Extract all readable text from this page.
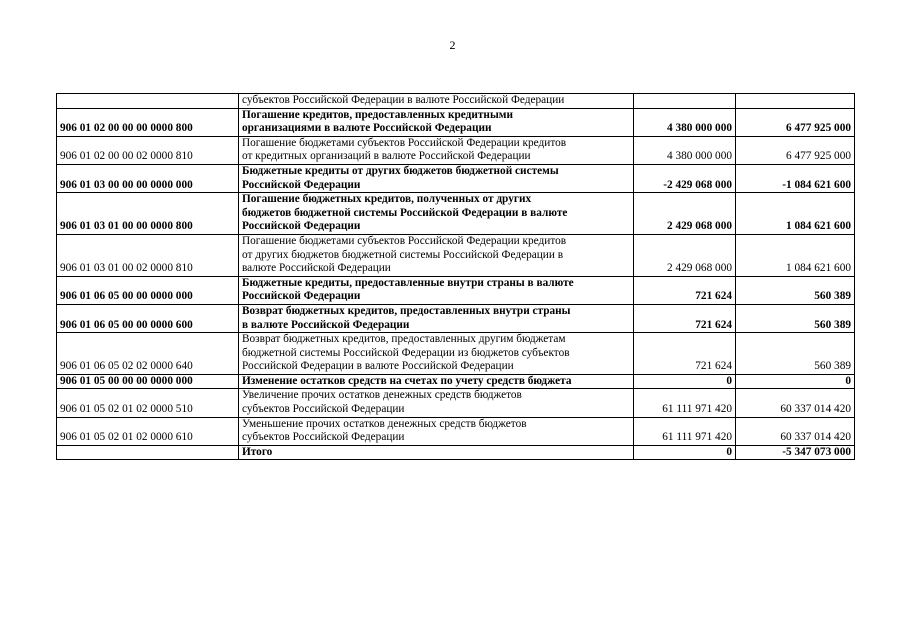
2

	субъектов Российской Федерации в валюте Российской Федерации		

906 01 02 00 00 00 0000 800	Погашение кредитов, предоставленных кредитными
организациями в валюте Российской Федерации	4 380 000 000	6 477 925 000
906 01 02 00 00 02 0000 810	Погашение бюджетами субъектов Российской Федерации кредитов
от кредитных организаций в валюте Российской Федерации	4 380 000 000	6 477 925 000
906 01 03 00 00 00 0000 000	Бюджетные кредиты от других бюджетов бюджетной системы
Российской Федерации	-2 429 068 000	-1 084 621 600
906 01 03 01 00 00 0000 800	Погашение бюджетных кредитов, полученных от других
бюджетов бюджетной системы Российской Федерации в валюте
Российской Федерации	2 429 068 000	1 084 621 600
906 01 03 01 00 02 0000 810	Погашение бюджетами субъектов Российской Федерации кредитов
от других бюджетов бюджетной системы Российской Федерации в
валюте Российской Федерации	2 429 068 000	1 084 621 600
906 01 06 05 00 00 0000 000	Бюджетные кредиты, предоставленные внутри страны в валюте
Российской Федерации	721 624	560 389
906 01 06 05 00 00 0000 600	Возврат бюджетных кредитов, предоставленных внутри страны
в валюте Российской Федерации	721 624	560 389
906 01 06 05 02 02 0000 640	Возврат бюджетных кредитов, предоставленных другим бюджетам
бюджетной системы Российской Федерации из бюджетов субъектов
Российской Федерации в валюте Российской Федерации	721 624	560 389
906 01 05 00 00 00 0000 000	Изменение остатков средств на счетах по учету средств бюджета	0	0
906 01 05 02 01 02 0000 510	Увеличение прочих остатков денежных средств бюджетов
субъектов Российской Федерации	61 111 971 420	60 337 014 420
906 01 05 02 01 02 0000 610	Уменьшение прочих остатков денежных средств бюджетов
субъектов Российской Федерации	61 111 971 420	60 337 014 420

	Итого	0	-5 347 073 000
